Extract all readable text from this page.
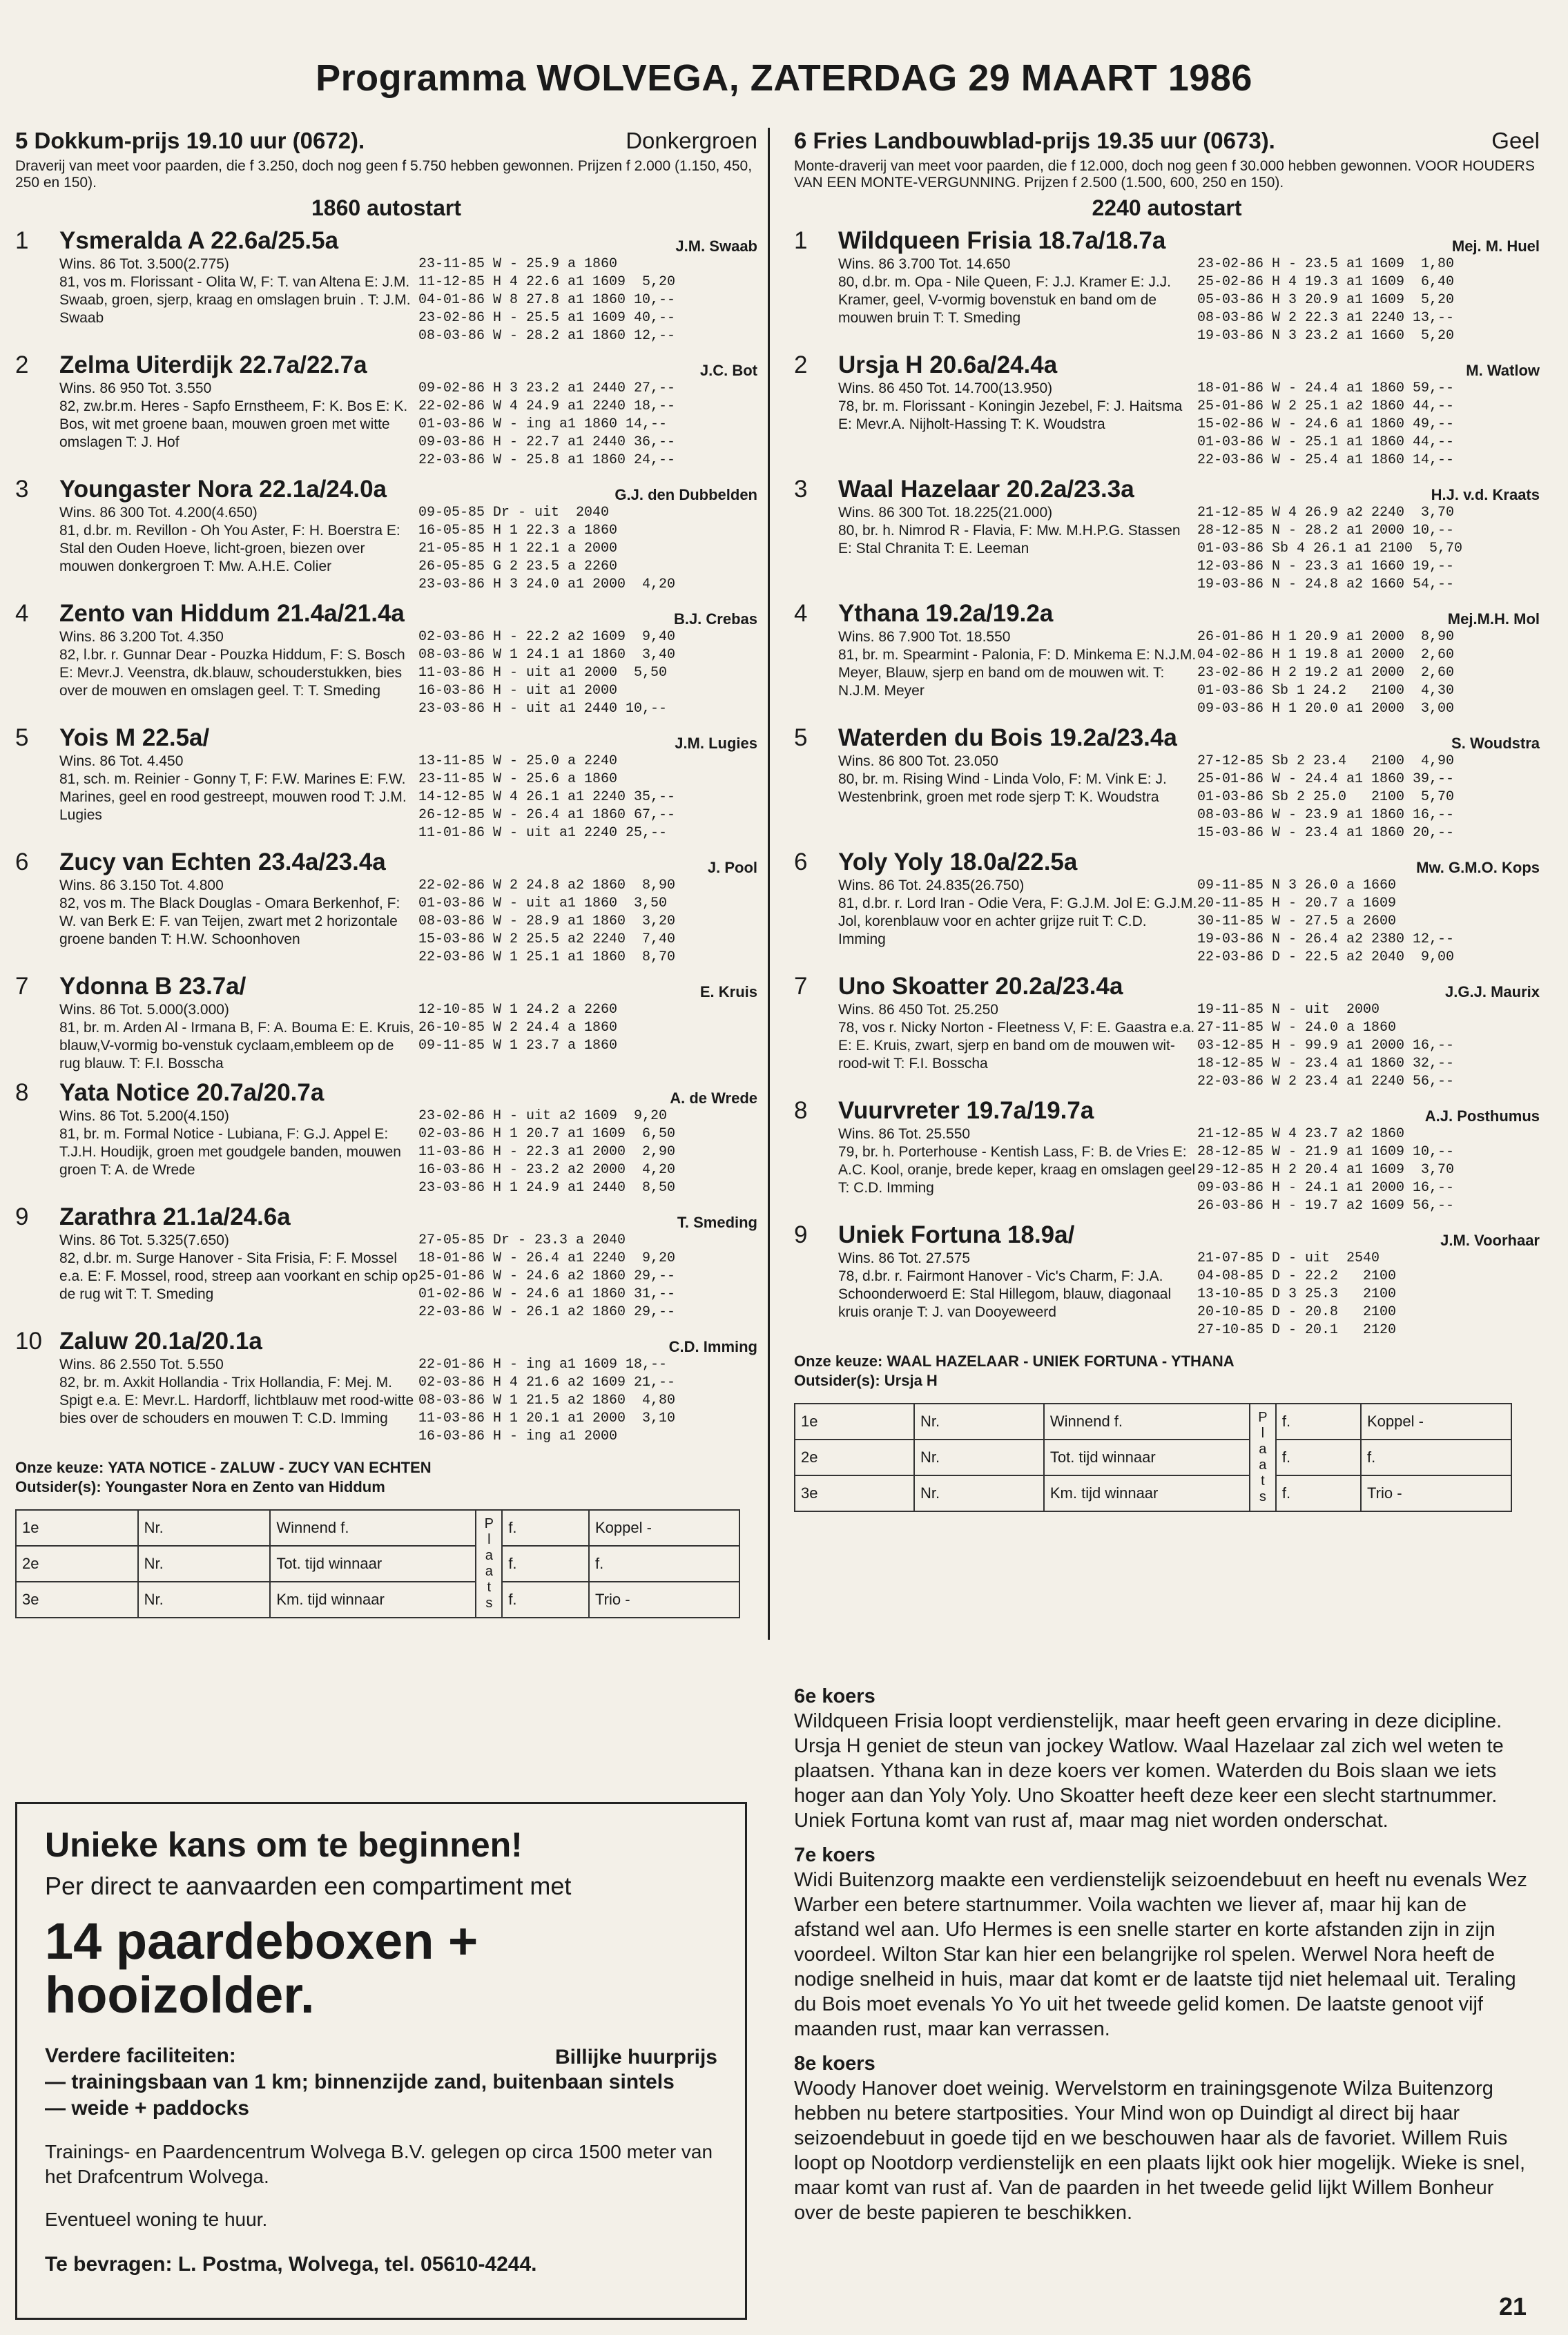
Programma WOLVEGA, ZATERDAG 29 MAART 1986
5 Dokkum-prijs 19.10 uur (0672).	Donkergroen
Draverij van meet voor paarden, die f 3.250, doch nog geen f 5.750 hebben gewonnen. Prijzen f 2.000 (1.150, 450, 250 en 150).
1860 autostart
1 Ysmeralda A 22.6a/25.5a	J.M. Swaab
Wins. 86 Tot. 3.500(2.775)
81, vos m. Florissant - Olita W, F: T. van Altena E: J.M. Swaab, groen, sjerp, kraag en omslagen bruin . T: J.M. Swaab
23-11-85 W - 25.9 a 1860
11-12-85 H 4 22.6 a1 1609  5,20
04-01-86 W 8 27.8 a1 1860 10,--
23-02-86 H - 25.5 a1 1609 40,--
08-03-86 W - 28.2 a1 1860 12,--
2 Zelma Uiterdijk 22.7a/22.7a	J.C. Bot
Wins. 86 950 Tot. 3.550
82, zw.br.m. Heres - Sapfo Ernstheem, F: K. Bos E: K. Bos, wit met groene baan, mouwen groen met witte omslagen T: J. Hof
09-02-86 H 3 23.2 a1 2440 27,--
22-02-86 W 4 24.9 a1 2240 18,--
01-03-86 W - ing a1 1860 14,--
09-03-86 H - 22.7 a1 2440 36,--
22-03-86 W - 25.8 a1 1860 24,--
3 Youngaster Nora 22.1a/24.0a	G.J. den Dubbelden
Wins. 86 300 Tot. 4.200(4.650)
81, d.br. m. Revillon - Oh You Aster, F: H. Boerstra E: Stal den Ouden Hoeve, licht-groen, biezen over mouwen donkergroen T: Mw. A.H.E. Colier
09-05-85 Dr - uit  2040
16-05-85 H 1 22.3 a 1860
21-05-85 H 1 22.1 a 2000
26-05-85 G 2 23.5 a 2260
23-03-86 H 3 24.0 a1 2000  4,20
4 Zento van Hiddum 21.4a/21.4a	B.J. Crebas
Wins. 86 3.200 Tot. 4.350
82, l.br. r. Gunnar Dear - Pouzka Hiddum, F: S. Bosch E: Mevr.J. Veenstra, dk.blauw, schouderstukken, bies over de mouwen en omslagen geel. T: T. Smeding
02-03-86 H - 22.2 a2 1609  9,40
08-03-86 W 1 24.1 a1 1860  3,40
11-03-86 H - uit a1 2000  5,50
16-03-86 H - uit a1 2000
23-03-86 H - uit a1 2440 10,--
5 Yois M 22.5a/	J.M. Lugies
Wins. 86 Tot. 4.450
81, sch. m. Reinier - Gonny T, F: F.W. Marines E: F.W. Marines, geel en rood gestreept, mouwen rood T: J.M. Lugies
13-11-85 W - 25.0 a 2240
23-11-85 W - 25.6 a 1860
14-12-85 W 4 26.1 a1 2240 35,--
26-12-85 W - 26.4 a1 1860 67,--
11-01-86 W - uit a1 2240 25,--
6 Zucy van Echten 23.4a/23.4a	J. Pool
Wins. 86 3.150 Tot. 4.800
82, vos m. The Black Douglas - Omara Berkenhof, F: W. van Berk E: F. van Teijen, zwart met 2 horizontale groene banden T: H.W. Schoonhoven
22-02-86 W 2 24.8 a2 1860  8,90
01-03-86 W - uit a1 1860  3,50
08-03-86 W - 28.9 a1 1860  3,20
15-03-86 W 2 25.5 a2 2240  7,40
22-03-86 W 1 25.1 a1 1860  8,70
7 Ydonna B 23.7a/	E. Kruis
Wins. 86 Tot. 5.000(3.000)
81, br. m. Arden Al - Irmana B, F: A. Bouma E: E. Kruis, blauw,V-vormig bo-venstuk cyclaam,embleem op de rug blauw. T: F.I. Bosscha
12-10-85 W 1 24.2 a 2260
26-10-85 W 2 24.4 a 1860
09-11-85 W 1 23.7 a 1860
8 Yata Notice 20.7a/20.7a	A. de Wrede
Wins. 86 Tot. 5.200(4.150)
81, br. m. Formal Notice - Lubiana, F: G.J. Appel E: T.J.H. Houdijk, groen met goudgele banden, mouwen groen T: A. de Wrede
23-02-86 H - uit a2 1609  9,20
02-03-86 H 1 20.7 a1 1609  6,50
11-03-86 H - 22.3 a1 2000  2,90
16-03-86 H - 23.2 a2 2000  4,20
23-03-86 H 1 24.9 a1 2440  8,50
9 Zarathra 21.1a/24.6a	T. Smeding
Wins. 86 Tot. 5.325(7.650)
82, d.br. m. Surge Hanover - Sita Frisia, F: F. Mossel e.a. E: F. Mossel, rood, streep aan voorkant en schip op de rug wit T: T. Smeding
27-05-85 Dr - 23.3 a 2040
18-01-86 W - 26.4 a1 2240  9,20
25-01-86 W - 24.6 a2 1860 29,--
01-02-86 W - 24.6 a1 1860 31,--
22-03-86 W - 26.1 a2 1860 29,--
10 Zaluw 20.1a/20.1a	C.D. Imming
Wins. 86 2.550 Tot. 5.550
82, br. m. Axkit Hollandia - Trix Hollandia, F: Mej. M. Spigt e.a. E: Mevr.L. Hardorff, lichtblauw met rood-witte bies over de schouders en mouwen T: C.D. Imming
22-01-86 H - ing a1 1609 18,--
02-03-86 H 4 21.6 a2 1609 21,--
08-03-86 W 1 21.5 a2 1860  4,80
11-03-86 H 1 20.1 a1 2000  3,10
16-03-86 H - ing a1 2000
Onze keuze: YATA NOTICE - ZALUW - ZUCY VAN ECHTEN
Outsider(s): Youngaster Nora en Zento van Hiddum
1e	Nr.	Winnend f.	P l a a t s	f.	Koppel -
2e	Nr.	Tot. tijd winnaar		f.	f.
3e	Nr.	Km. tijd winnaar		f.	Trio -
6 Fries Landbouwblad-prijs 19.35 uur (0673).	Geel
Monte-draverij van meet voor paarden, die f 12.000, doch nog geen f 30.000 hebben gewonnen. VOOR HOUDERS VAN EEN MONTE-VERGUNNING. Prijzen f 2.500 (1.500, 600, 250 en 150).
2240 autostart
1 Wildqueen Frisia 18.7a/18.7a	Mej. M. Huel
Wins. 86 3.700 Tot. 14.650
80, d.br. m. Opa - Nile Queen, F: J.J. Kramer E: J.J. Kramer, geel, V-vormig bovenstuk en band om de mouwen bruin T: T. Smeding
23-02-86 H - 23.5 a1 1609  1,80
25-02-86 H 4 19.3 a1 1609  6,40
05-03-86 H 3 20.9 a1 1609  5,20
08-03-86 W 2 22.3 a1 2240 13,--
19-03-86 N 3 23.2 a1 1660  5,20
2 Ursja H 20.6a/24.4a	M. Watlow
Wins. 86 450 Tot. 14.700(13.950)
78, br. m. Florissant - Koningin Jezebel, F: J. Haitsma E: Mevr.A. Nijholt-Hassing T: K. Woudstra
18-01-86 W - 24.4 a1 1860 59,--
25-01-86 W 2 25.1 a2 1860 44,--
15-02-86 W - 24.6 a1 1860 49,--
01-03-86 W - 25.1 a1 1860 44,--
22-03-86 W - 25.4 a1 1860 14,--
3 Waal Hazelaar 20.2a/23.3a	H.J. v.d. Kraats
Wins. 86 300 Tot. 18.225(21.000)
80, br. h. Nimrod R - Flavia, F: Mw. M.H.P.G. Stassen E: Stal Chranita T: E. Leeman
21-12-85 W 4 26.9 a2 2240  3,70
28-12-85 N - 28.2 a1 2000 10,--
01-03-86 Sb 4 26.1 a1 2100  5,70
12-03-86 N - 23.3 a1 1660 19,--
19-03-86 N - 24.8 a2 1660 54,--
4 Ythana 19.2a/19.2a	Mej.M.H. Mol
Wins. 86 7.900 Tot. 18.550
81, br. m. Spearmint - Palonia, F: D. Minkema E: N.J.M. Meyer, Blauw, sjerp en band om de mouwen wit. T: N.J.M. Meyer
26-01-86 H 1 20.9 a1 2000  8,90
04-02-86 H 1 19.8 a1 2000  2,60
23-02-86 H 2 19.2 a1 2000  2,60
01-03-86 Sb 1 24.2   2100  4,30
09-03-86 H 1 20.0 a1 2000  3,00
5 Waterden du Bois 19.2a/23.4a	S. Woudstra
Wins. 86 800 Tot. 23.050
80, br. m. Rising Wind - Linda Volo, F: M. Vink E: J. Westenbrink, groen met rode sjerp T: K. Woudstra
27-12-85 Sb 2 23.4   2100  4,90
25-01-86 W - 24.4 a1 1860 39,--
01-03-86 Sb 2 25.0   2100  5,70
08-03-86 W - 23.9 a1 1860 16,--
15-03-86 W - 23.4 a1 1860 20,--
6 Yoly Yoly 18.0a/22.5a	Mw. G.M.O. Kops
Wins. 86 Tot. 24.835(26.750)
81, d.br. r. Lord Iran - Odie Vera, F: G.J.M. Jol E: G.J.M. Jol, korenblauw voor en achter grijze ruit T: C.D. Imming
09-11-85 N 3 26.0 a 1660
20-11-85 H - 20.7 a 1609
30-11-85 W - 27.5 a 2600
19-03-86 N - 26.4 a2 2380 12,--
22-03-86 D - 22.5 a2 2040  9,00
7 Uno Skoatter 20.2a/23.4a	J.G.J. Maurix
Wins. 86 450 Tot. 25.250
78, vos r. Nicky Norton - Fleetness V, F: E. Gaastra e.a. E: E. Kruis, zwart, sjerp en band om de mouwen wit-rood-wit T: F.I. Bosscha
19-11-85 N - uit  2000
27-11-85 W - 24.0 a 1860
03-12-85 H - 99.9 a1 2000 16,--
18-12-85 W - 23.4 a1 1860 32,--
22-03-86 W 2 23.4 a1 2240 56,--
8 Vuurvreter 19.7a/19.7a	A.J. Posthumus
Wins. 86 Tot. 25.550
79, br. h. Porterhouse - Kentish Lass, F: B. de Vries E: A.C. Kool, oranje, brede keper, kraag en omslagen geel T: C.D. Imming
21-12-85 W 4 23.7 a2 1860
28-12-85 W - 21.9 a1 1609 10,--
29-12-85 H 2 20.4 a1 1609  3,70
09-03-86 H - 24.1 a1 2000 16,--
26-03-86 H - 19.7 a2 1609 56,--
9 Uniek Fortuna 18.9a/	J.M. Voorhaar
Wins. 86 Tot. 27.575
78, d.br. r. Fairmont Hanover - Vic's Charm, F: J.A. Schoonderwoerd E: Stal Hillegom, blauw, diagonaal kruis oranje T: J. van Dooyeweerd
21-07-85 D - uit  2540
04-08-85 D - 22.2   2100
13-10-85 D 3 25.3   2100
20-10-85 D - 20.8   2100
27-10-85 D - 20.1   2120
Onze keuze: WAAL HAZELAAR - UNIEK FORTUNA - YTHANA
Outsider(s): Ursja H
1e	Nr.	Winnend f.	P l a a t s	f.	Koppel -
2e	Nr.	Tot. tijd winnaar		f.	f.
3e	Nr.	Km. tijd winnaar		f.	Trio -
Unieke kans om te beginnen!
Per direct te aanvaarden een compartiment met
14 paardeboxen + hooizolder.
Billijke huurprijs
Verdere faciliteiten:
— trainingsbaan van 1 km; binnenzijde zand, buitenbaan sintels
— weide + paddocks
Trainings- en Paardencentrum Wolvega B.V. gelegen op circa 1500 meter van het Drafcentrum Wolvega.
Eventueel woning te huur.
Te bevragen: L. Postma, Wolvega, tel. 05610-4244.
6e koers

Wildqueen Frisia loopt verdienstelijk, maar heeft geen ervaring in deze dicipline. Ursja H geniet de steun van jockey Watlow. Waal Hazelaar zal zich wel weten te plaatsen. Ythana kan in deze koers ver komen. Waterden du Bois slaan we iets hoger aan dan Yoly Yoly. Uno Skoatter heeft deze keer een slecht startnummer. Uniek Fortuna komt van rust af, maar mag niet worden onderschat.

7e koers

Widi Buitenzorg maakte een verdienstelijk seizoendebuut en heeft nu evenals Wez Warber een betere startnummer. Voila wachten we liever af, maar hij kan de afstand wel aan. Ufo Hermes is een snelle starter en korte afstanden zijn in zijn voordeel. Wilton Star kan hier een belangrijke rol spelen. Werwel Nora heeft de nodige snelheid in huis, maar dat komt er de laatste tijd niet helemaal uit. Teraling du Bois moet evenals Yo Yo uit het tweede gelid komen. De laatste genoot vijf maanden rust, maar kan verrassen.

8e koers

Woody Hanover doet weinig. Wervelstorm en trainingsgenote Wilza Buitenzorg hebben nu betere startposities. Your Mind won op Duindigt al direct bij haar seizoendebuut in goede tijd en we beschouwen haar als de favoriet. Willem Ruis loopt op Nootdorp verdienstelijk en een plaats lijkt ook hier mogelijk. Wieke is snel, maar komt van rust af. Van de paarden in het tweede gelid lijkt Willem Bonheur over de beste papieren te beschikken.

21
